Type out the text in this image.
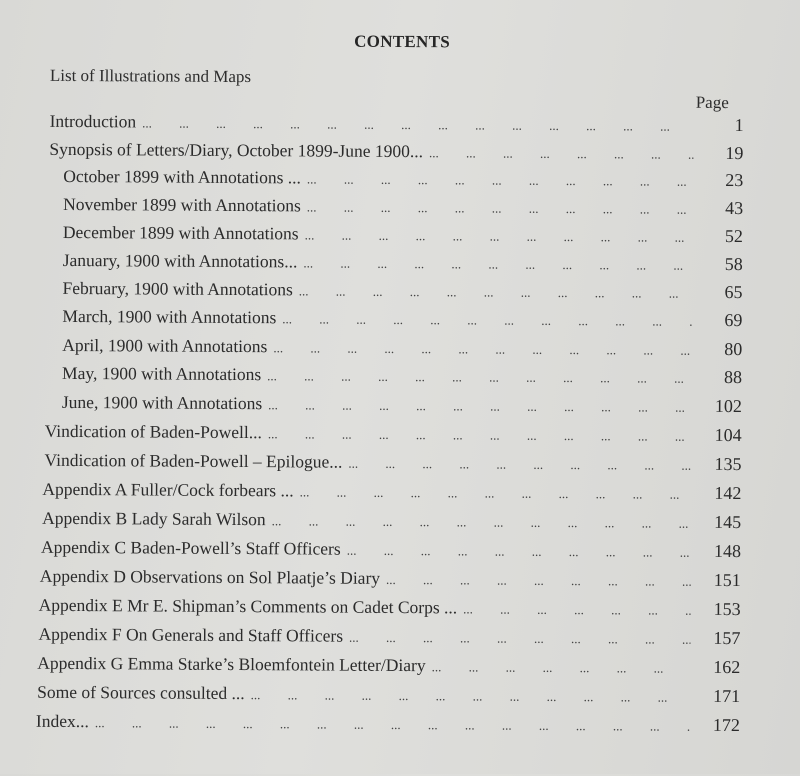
CONTENTS
List of Illustrations and Maps
Page
Introduction ... .	1
Synopsis of Letters/Diary, October 1899-June 1900... ... .	19
October 1899 with Annotations ... ... .	23
November 1899 with Annotations ... .	43
December 1899 with Annotations ... .	52
January, 1900 with Annotations... ... .	58
February, 1900 with Annotations ... .	65
March, 1900 with Annotations ... .	69
April, 1900 with Annotations ... .	80
May, 1900 with Annotations ... .	88
June, 1900 with Annotations ... .	102
Vindication of Baden-Powell... ... .	104
Vindication of Baden-Powell – Epilogue... ... .	135
Appendix A Fuller/Cock forbears ... ... .	142
Appendix B Lady Sarah Wilson ... .	145
Appendix C Baden-Powell’s Staff Officers ... .	148
Appendix D Observations on Sol Plaatje’s Diary ... .	151
Appendix E Mr E. Shipman’s Comments on Cadet Corps ... ... .	153
Appendix F On Generals and Staff Officers ... .	157
Appendix G Emma Starke’s Bloemfontein Letter/Diary ... .	162
Some of Sources consulted ... ... .	171
Index... ... .	172
